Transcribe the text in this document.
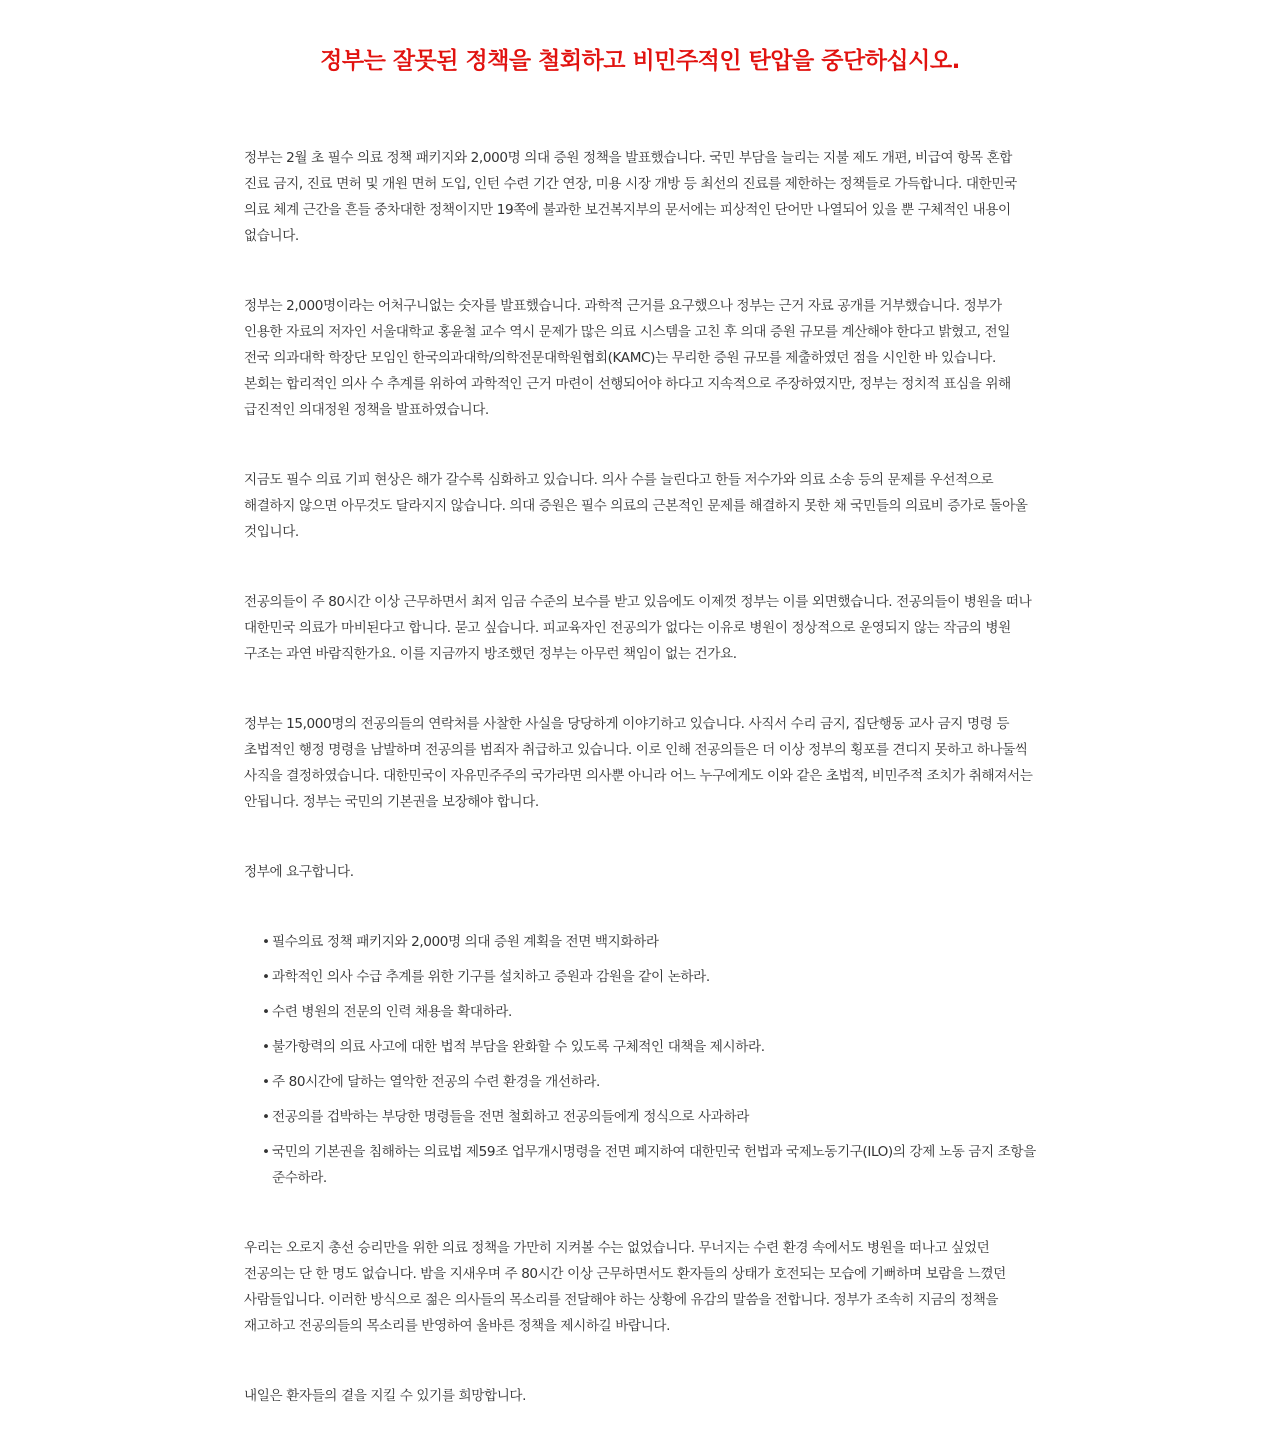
정부는 잘못된 정책을 철회하고 비민주적인 탄압을 중단하십시오.

정부는 2월 초 필수 의료 정책 패키지와 2,000명 의대 증원 정책을 발표했습니다. 국민 부담을 늘리는 지불 제도 개편, 비급여 항목 혼합 진료 금지, 진료 면허 및 개원 면허 도입, 인턴 수련 기간 연장, 미용 시장 개방 등 최선의 진료를 제한하는 정책들로 가득합니다. 대한민국 의료 체계 근간을 흔들 중차대한 정책이지만 19쪽에 불과한 보건복지부의 문서에는 피상적인 단어만 나열되어 있을 뿐 구체적인 내용이 없습니다.

정부는 2,000명이라는 어처구니없는 숫자를 발표했습니다. 과학적 근거를 요구했으나 정부는 근거 자료 공개를 거부했습니다. 정부가 인용한 자료의 저자인 서울대학교 홍윤철 교수 역시 문제가 많은 의료 시스템을 고친 후 의대 증원 규모를 계산해야 한다고 밝혔고, 전일 전국 의과대학 학장단 모임인 한국의과대학/의학전문대학원협회(KAMC)는 무리한 증원 규모를 제출하였던 점을 시인한 바 있습니다. 본회는 합리적인 의사 수 추계를 위하여 과학적인 근거 마련이 선행되어야 하다고 지속적으로 주장하였지만, 정부는 정치적 표심을 위해 급진적인 의대정원 정책을 발표하였습니다.

지금도 필수 의료 기피 현상은 해가 갈수록 심화하고 있습니다. 의사 수를 늘린다고 한들 저수가와 의료 소송 등의 문제를 우선적으로 해결하지 않으면 아무것도 달라지지 않습니다. 의대 증원은 필수 의료의 근본적인 문제를 해결하지 못한 채 국민들의 의료비 증가로 돌아올 것입니다.

전공의들이 주 80시간 이상 근무하면서 최저 임금 수준의 보수를 받고 있음에도 이제껏 정부는 이를 외면했습니다. 전공의들이 병원을 떠나 대한민국 의료가 마비된다고 합니다. 묻고 싶습니다. 피교육자인 전공의가 없다는 이유로 병원이 정상적으로 운영되지 않는 작금의 병원 구조는 과연 바람직한가요. 이를 지금까지 방조했던 정부는 아무런 책임이 없는 건가요.

정부는 15,000명의 전공의들의 연락처를 사찰한 사실을 당당하게 이야기하고 있습니다. 사직서 수리 금지, 집단행동 교사 금지 명령 등 초법적인 행정 명령을 남발하며 전공의를 범죄자 취급하고 있습니다. 이로 인해 전공의들은 더 이상 정부의 횡포를 견디지 못하고 하나둘씩 사직을 결정하였습니다. 대한민국이 자유민주주의 국가라면 의사뿐 아니라 어느 누구에게도 이와 같은 초법적, 비민주적 조치가 취해져서는 안됩니다. 정부는 국민의 기본권을 보장해야 합니다.

정부에 요구합니다.

• 필수의료 정책 패키지와 2,000명 의대 증원 계획을 전면 백지화하라
• 과학적인 의사 수급 추계를 위한 기구를 설치하고 증원과 감원을 같이 논하라.
• 수련 병원의 전문의 인력 채용을 확대하라.
• 불가항력의 의료 사고에 대한 법적 부담을 완화할 수 있도록 구체적인 대책을 제시하라.
• 주 80시간에 달하는 열악한 전공의 수련 환경을 개선하라.
• 전공의를 겁박하는 부당한 명령들을 전면 철회하고 전공의들에게 정식으로 사과하라
• 국민의 기본권을 침해하는 의료법 제59조 업무개시명령을 전면 폐지하여 대한민국 헌법과 국제노동기구(ILO)의 강제 노동 금지 조항을 준수하라.

우리는 오로지 총선 승리만을 위한 의료 정책을 가만히 지켜볼 수는 없었습니다. 무너지는 수련 환경 속에서도 병원을 떠나고 싶었던 전공의는 단 한 명도 없습니다. 밤을 지새우며 주 80시간 이상 근무하면서도 환자들의 상태가 호전되는 모습에 기뻐하며 보람을 느꼈던 사람들입니다. 이러한 방식으로 젊은 의사들의 목소리를 전달해야 하는 상황에 유감의 말씀을 전합니다. 정부가 조속히 지금의 정책을 재고하고 전공의들의 목소리를 반영하여 올바른 정책을 제시하길 바랍니다.

내일은 환자들의 곁을 지킬 수 있기를 희망합니다.
